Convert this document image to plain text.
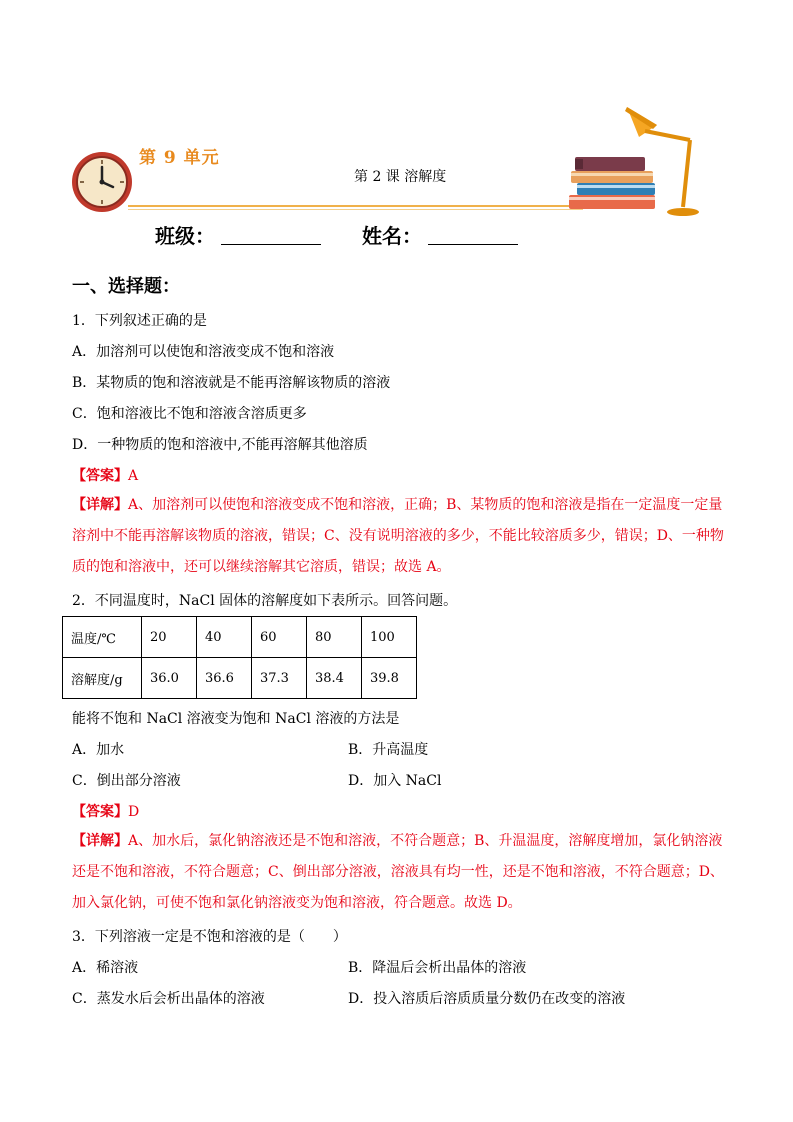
第 9 单元
第 2 课 溶解度
班级：	姓名：
一、选择题：
1．下列叙述正确的是
A．加溶剂可以使饱和溶液变成不饱和溶液
B．某物质的饱和溶液就是不能再溶解该物质的溶液
C．饱和溶液比不饱和溶液含溶质更多
D．一种物质的饱和溶液中,不能再溶解其他溶质
【答案】A
【详解】A、加溶剂可以使饱和溶液变成不饱和溶液，正确；B、某物质的饱和溶液是指在一定温度一定量溶剂中不能再溶解该物质的溶液，错误；C、没有说明溶液的多少，不能比较溶质多少，错误；D、一种物质的饱和溶液中，还可以继续溶解其它溶质，错误；故选 A。
2．不同温度时，NaCl 固体的溶解度如下表所示。回答问题。
温度/℃	20	40	60	80	100
溶解度/g	36.0	36.6	37.3	38.4	39.8
能将不饱和 NaCl 溶液变为饱和 NaCl 溶液的方法是
A．加水	B．升高温度
C．倒出部分溶液	D．加入 NaCl
【答案】D
【详解】A、加水后，氯化钠溶液还是不饱和溶液，不符合题意；B、升温温度，溶解度增加，氯化钠溶液还是不饱和溶液，不符合题意；C、倒出部分溶液，溶液具有均一性，还是不饱和溶液，不符合题意；D、加入氯化钠，可使不饱和氯化钠溶液变为饱和溶液，符合题意。故选 D。
3．下列溶液一定是不饱和溶液的是（　　）
A．稀溶液	B．降温后会析出晶体的溶液
C．蒸发水后会析出晶体的溶液	D．投入溶质后溶质质量分数仍在改变的溶液
